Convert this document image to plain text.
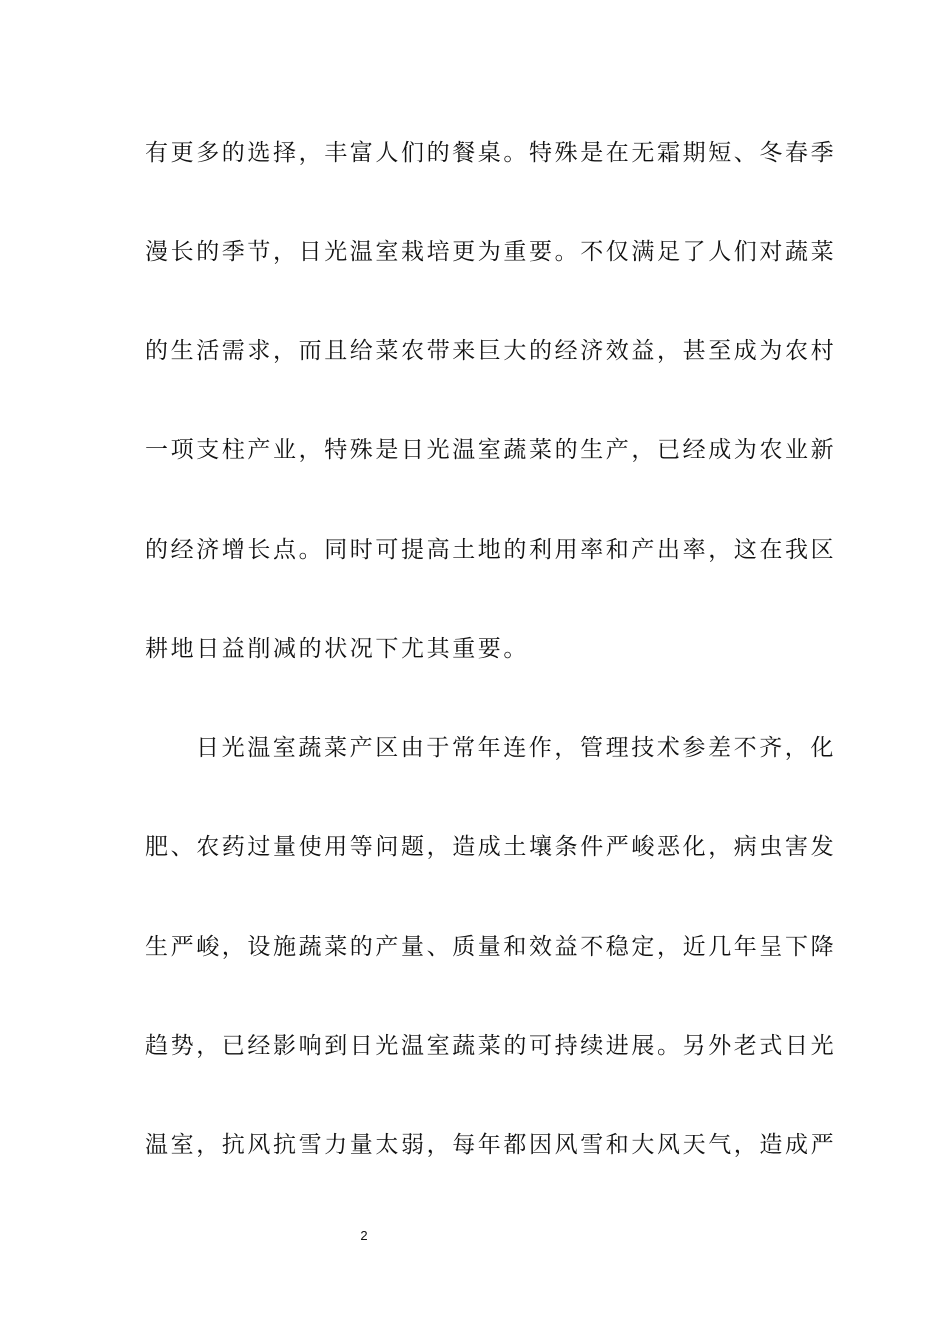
有更多的选择，丰富人们的餐桌。特殊是在无霜期短、冬春季
漫长的季节，日光温室栽培更为重要。不仅满足了人们对蔬菜
的生活需求，而且给菜农带来巨大的经济效益，甚至成为农村
一项支柱产业，特殊是日光温室蔬菜的生产，已经成为农业新
的经济增长点。同时可提高土地的利用率和产出率，这在我区
耕地日益削减的状况下尤其重要。
日光温室蔬菜产区由于常年连作，管理技术参差不齐，化
肥、农药过量使用等问题，造成土壤条件严峻恶化，病虫害发
生严峻，设施蔬菜的产量、质量和效益不稳定，近几年呈下降
趋势，已经影响到日光温室蔬菜的可持续进展。另外老式日光
温室，抗风抗雪力量太弱，每年都因风雪和大风天气，造成严
2
